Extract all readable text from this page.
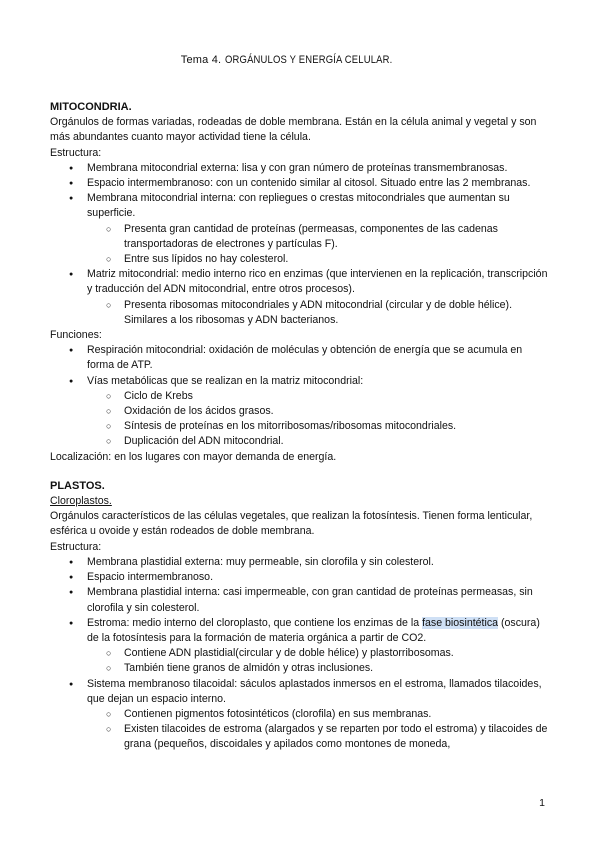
Tema 4. ORGÁNULOS Y ENERGÍA CELULAR.

MITOCONDRIA.

Orgánulos de formas variadas, rodeadas de doble membrana. Están en la célula animal y vegetal y son más abundantes cuanto mayor actividad tiene la célula.

Estructura:

● Membrana mitocondrial externa: lisa y con gran número de proteínas transmembranosas.
● Espacio intermembranoso: con un contenido similar al citosol. Situado entre las 2 membranas.
● Membrana mitocondrial interna: con repliegues o crestas mitocondriales que aumentan su superficie.
○ Presenta gran cantidad de proteínas (permeasas, componentes de las cadenas transportadoras de electrones y partículas F).
○ Entre sus lípidos no hay colesterol.
● Matriz mitocondrial: medio interno rico en enzimas (que intervienen en la replicación, transcripción y traducción del ADN mitocondrial, entre otros procesos).
○ Presenta ribosomas mitocondriales y ADN mitocondrial (circular y de doble hélice). Similares a los ribosomas y ADN bacterianos.

Funciones:

● Respiración mitocondrial: oxidación de moléculas y obtención de energía que se acumula en forma de ATP.
● Vías metabólicas que se realizan en la matriz mitocondrial:
○ Ciclo de Krebs
○ Oxidación de los ácidos grasos.
○ Síntesis de proteínas en los mitorribosomas/ribosomas mitocondriales.
○ Duplicación del ADN mitocondrial.

Localización: en los lugares con mayor demanda de energía.

PLASTOS.

Cloroplastos.

Orgánulos característicos de las células vegetales, que realizan la fotosíntesis. Tienen forma lenticular, esférica u ovoide y están rodeados de doble membrana.

Estructura:

● Membrana plastidial externa: muy permeable, sin clorofila y sin colesterol.
● Espacio intermembranoso.
● Membrana plastidial interna: casi impermeable, con gran cantidad de proteínas permeasas, sin clorofila y sin colesterol.
● Estroma: medio interno del cloroplasto, que contiene los enzimas de la fase biosintética (oscura) de la fotosíntesis para la formación de materia orgánica a partir de CO2.
○ Contiene ADN plastidial(circular y de doble hélice) y plastorribosomas.
○ También tiene granos de almidón y otras inclusiones.
● Sistema membranoso tilacoidal: sáculos aplastados inmersos en el estroma, llamados tilacoides, que dejan un espacio interno.
○ Contienen pigmentos fotosintéticos (clorofila) en sus membranas.
○ Existen tilacoides de estroma (alargados y se reparten por todo el estroma) y tilacoides de grana (pequeños, discoidales y apilados como montones de moneda,
1
